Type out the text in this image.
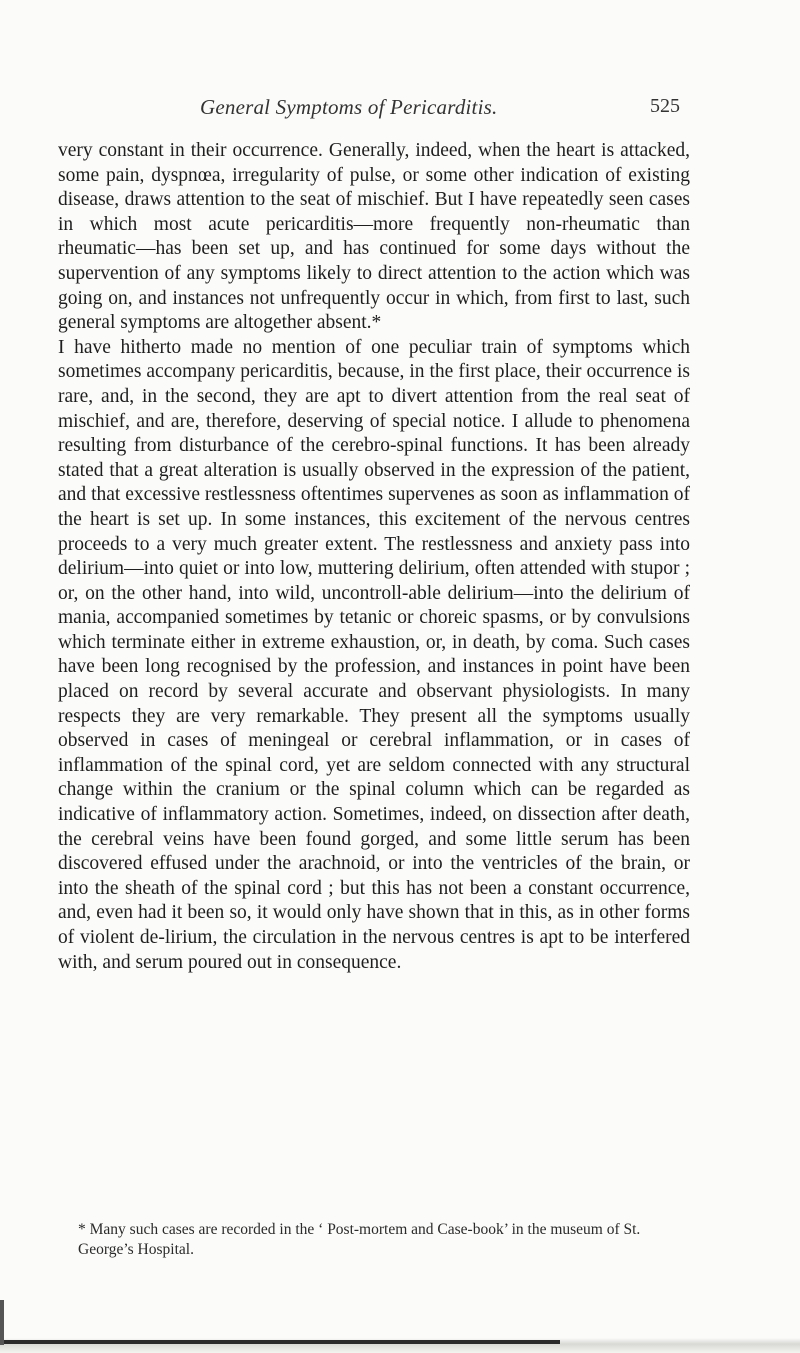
General Symptoms of Pericarditis.	525

very constant in their occurrence. Generally, indeed, when the heart is attacked, some pain, dyspnœa, irregularity of pulse, or some other indication of existing disease, draws attention to the seat of mischief. But I have repeatedly seen cases in which most acute pericarditis—more frequently non-rheumatic than rheumatic—has been set up, and has continued for some days without the supervention of any symptoms likely to direct attention to the action which was going on, and instances not unfrequently occur in which, from first to last, such general symptoms are altogether absent.*

I have hitherto made no mention of one peculiar train of symptoms which sometimes accompany pericarditis, because, in the first place, their occurrence is rare, and, in the second, they are apt to divert attention from the real seat of mischief, and are, therefore, deserving of special notice. I allude to phenomena resulting from disturbance of the cerebro-spinal functions. It has been already stated that a great alteration is usually observed in the expression of the patient, and that excessive restlessness oftentimes supervenes as soon as inflammation of the heart is set up. In some instances, this excitement of the nervous centres proceeds to a very much greater extent. The restlessness and anxiety pass into delirium—into quiet or into low, muttering delirium, often attended with stupor ; or, on the other hand, into wild, uncontroll-able delirium—into the delirium of mania, accompanied sometimes by tetanic or choreic spasms, or by convulsions which terminate either in extreme exhaustion, or, in death, by coma. Such cases have been long recognised by the profession, and instances in point have been placed on record by several accurate and observant physiologists. In many respects they are very remarkable. They present all the symptoms usually observed in cases of meningeal or cerebral inflammation, or in cases of inflammation of the spinal cord, yet are seldom connected with any structural change within the cranium or the spinal column which can be regarded as indicative of inflammatory action. Sometimes, indeed, on dissection after death, the cerebral veins have been found gorged, and some little serum has been discovered effused under the arachnoid, or into the ventricles of the brain, or into the sheath of the spinal cord ; but this has not been a constant occurrence, and, even had it been so, it would only have shown that in this, as in other forms of violent de-lirium, the circulation in the nervous centres is apt to be interfered with, and serum poured out in consequence.

* Many such cases are recorded in the ‘ Post-mortem and Case-book’ in the museum of St. George’s Hospital.
